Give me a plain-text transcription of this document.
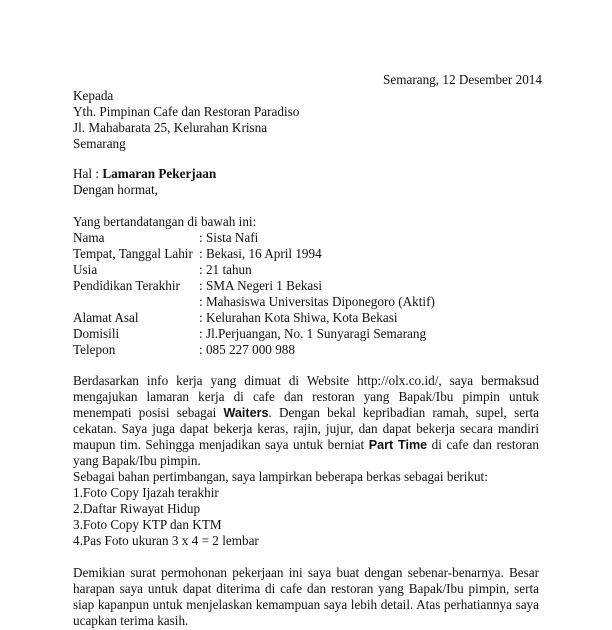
Semarang, 12 Desember 2014
Kepada
Yth. Pimpinan Cafe dan Restoran Paradiso
Jl. Mahabarata 25, Kelurahan Krisna
Semarang
Hal : Lamaran Pekerjaan
Dengan hormat,
Yang bertandatangan di bawah ini:
Nama	: Sista Nafi
Tempat, Tanggal Lahir	: Bekasi, 16 April 1994
Usia	: 21 tahun
Pendidikan Terakhir	: SMA Negeri 1 Bekasi
	: Mahasiswa Universitas Diponegoro (Aktif)
Alamat Asal	: Kelurahan Kota Shiwa, Kota Bekasi
Domisili	: Jl.Perjuangan, No. 1 Sunyaragi Semarang
Telepon	: 085 227 000 988
Berdasarkan info kerja yang dimuat di Website http://olx.co.id/, saya bermaksud mengajukan lamaran kerja di cafe dan restoran yang Bapak/Ibu pimpin untuk menempati posisi sebagai Waiters. Dengan bekal kepribadian ramah, supel, serta cekatan. Saya juga dapat bekerja keras, rajin, jujur, dan dapat bekerja secara mandiri maupun tim. Sehingga menjadikan saya untuk berniat Part Time di cafe dan restoran yang Bapak/Ibu pimpin.
Sebagai bahan pertimbangan, saya lampirkan beberapa berkas sebagai berikut:
1.Foto Copy Ijazah terakhir
2.Daftar Riwayat Hidup
3.Foto Copy KTP dan KTM
4.Pas Foto ukuran 3 x 4 = 2 lembar
Demikian surat permohonan pekerjaan ini saya buat dengan sebenar-benarnya. Besar harapan saya untuk dapat diterima di cafe dan restoran yang Bapak/Ibu pimpin, serta siap kapanpun untuk menjelaskan kemampuan saya lebih detail. Atas perhatiannya saya ucapkan terima kasih.
